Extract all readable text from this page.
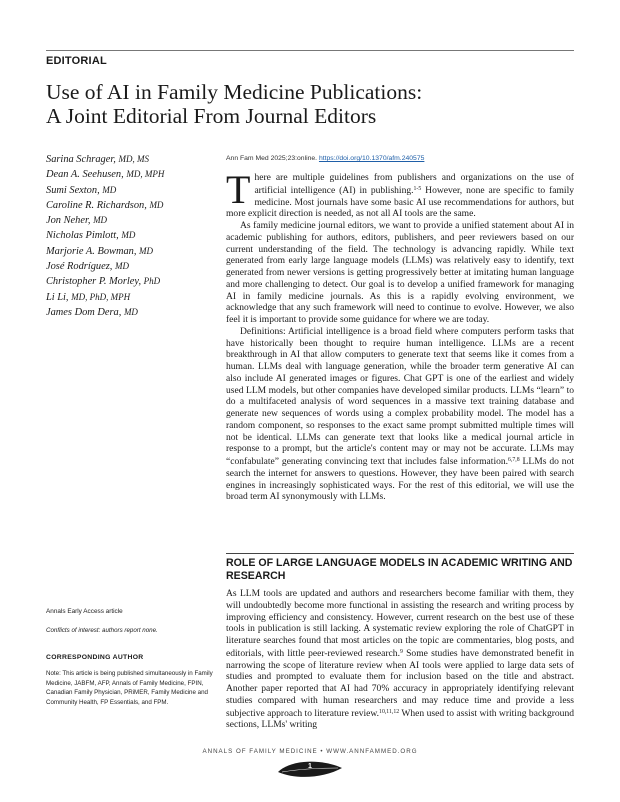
EDITORIAL
Use of AI in Family Medicine Publications:
A Joint Editorial From Journal Editors
Sarina Schrager, MD, MS
Dean A. Seehusen, MD, MPH
Sumi Sexton, MD
Caroline R. Richardson, MD
Jon Neher, MD
Nicholas Pimlott, MD
Marjorie A. Bowman, MD
José Rodríguez, MD
Christopher P. Morley, PhD
Li Li, MD, PhD, MPH
James Dom Dera, MD
Ann Fam Med 2025;23:online. https://doi.org/10.1370/afm.240575

There are multiple guidelines from publishers and organizations on the use of artificial intelligence (AI) in publishing.$^{1-5}$ However, none are specific to family medicine. Most journals have some basic AI use recommendations for authors, but more explicit direction is needed, as not all AI tools are the same.

As family medicine journal editors, we want to provide a unified statement about AI in academic publishing for authors, editors, publishers, and peer reviewers based on our current understanding of the field. The technology is advancing rapidly. While text generated from early large language models (LLMs) was relatively easy to identify, text generated from newer versions is getting progressively better at imitating human language and more challenging to detect. Our goal is to develop a unified framework for managing AI in family medicine journals. As this is a rapidly evolving environment, we acknowledge that any such framework will need to continue to evolve. However, we also feel it is important to provide some guidance for where we are today.

Definitions: Artificial intelligence is a broad field where computers perform tasks that have historically been thought to require human intelligence. LLMs are a recent breakthrough in AI that allow computers to generate text that seems like it comes from a human. LLMs deal with language generation, while the broader term generative AI can also include AI generated images or figures. Chat GPT is one of the earliest and widely used LLM models, but other companies have developed similar products. LLMs “learn” to do a multifaceted analysis of word sequences in a massive text training database and generate new sequences of words using a complex probability model. The model has a random component, so responses to the exact same prompt submitted multiple times will not be identical. LLMs can generate text that looks like a medical journal article in response to a prompt, but the article's content may or may not be accurate. LLMs may “confabulate” generating convincing text that includes false information.$^{6,7,8}$ LLMs do not search the internet for answers to questions. However, they have been paired with search engines in increasingly sophisticated ways. For the rest of this editorial, we will use the broad term AI synonymously with LLMs.

ROLE OF LARGE LANGUAGE MODELS IN ACADEMIC WRITING AND RESEARCH

As LLM tools are updated and authors and researchers become familiar with them, they will undoubtedly become more functional in assisting the research and writing process by improving efficiency and consistency. However, current research on the best use of these tools in publication is still lacking. A systematic review exploring the role of ChatGPT in literature searches found that most articles on the topic are commentaries, blog posts, and editorials, with little peer-reviewed research.$^9$ Some studies have demonstrated benefit in narrowing the scope of literature review when AI tools were applied to large data sets of studies and prompted to evaluate them for inclusion based on the title and abstract. Another paper reported that AI had 70% accuracy in appropriately identifying relevant studies compared with human researchers and may reduce time and provide a less subjective approach to literature review.$^{10,11,12}$ When used to assist with writing background sections, LLMs' writing

Annals Early Access article
Conflicts of interest: authors report none.
CORRESPONDING AUTHOR
Note: This article is being published simultaneously in Family Medicine, JABFM, AFP, Annals of Family Medicine, FPIN, Canadian Family Physician, PRiMER, Family Medicine and Community Health, FP Essentials, and FPM.
ANNALS OF FAMILY MEDICINE • WWW.ANNFAMMED.ORG
1
